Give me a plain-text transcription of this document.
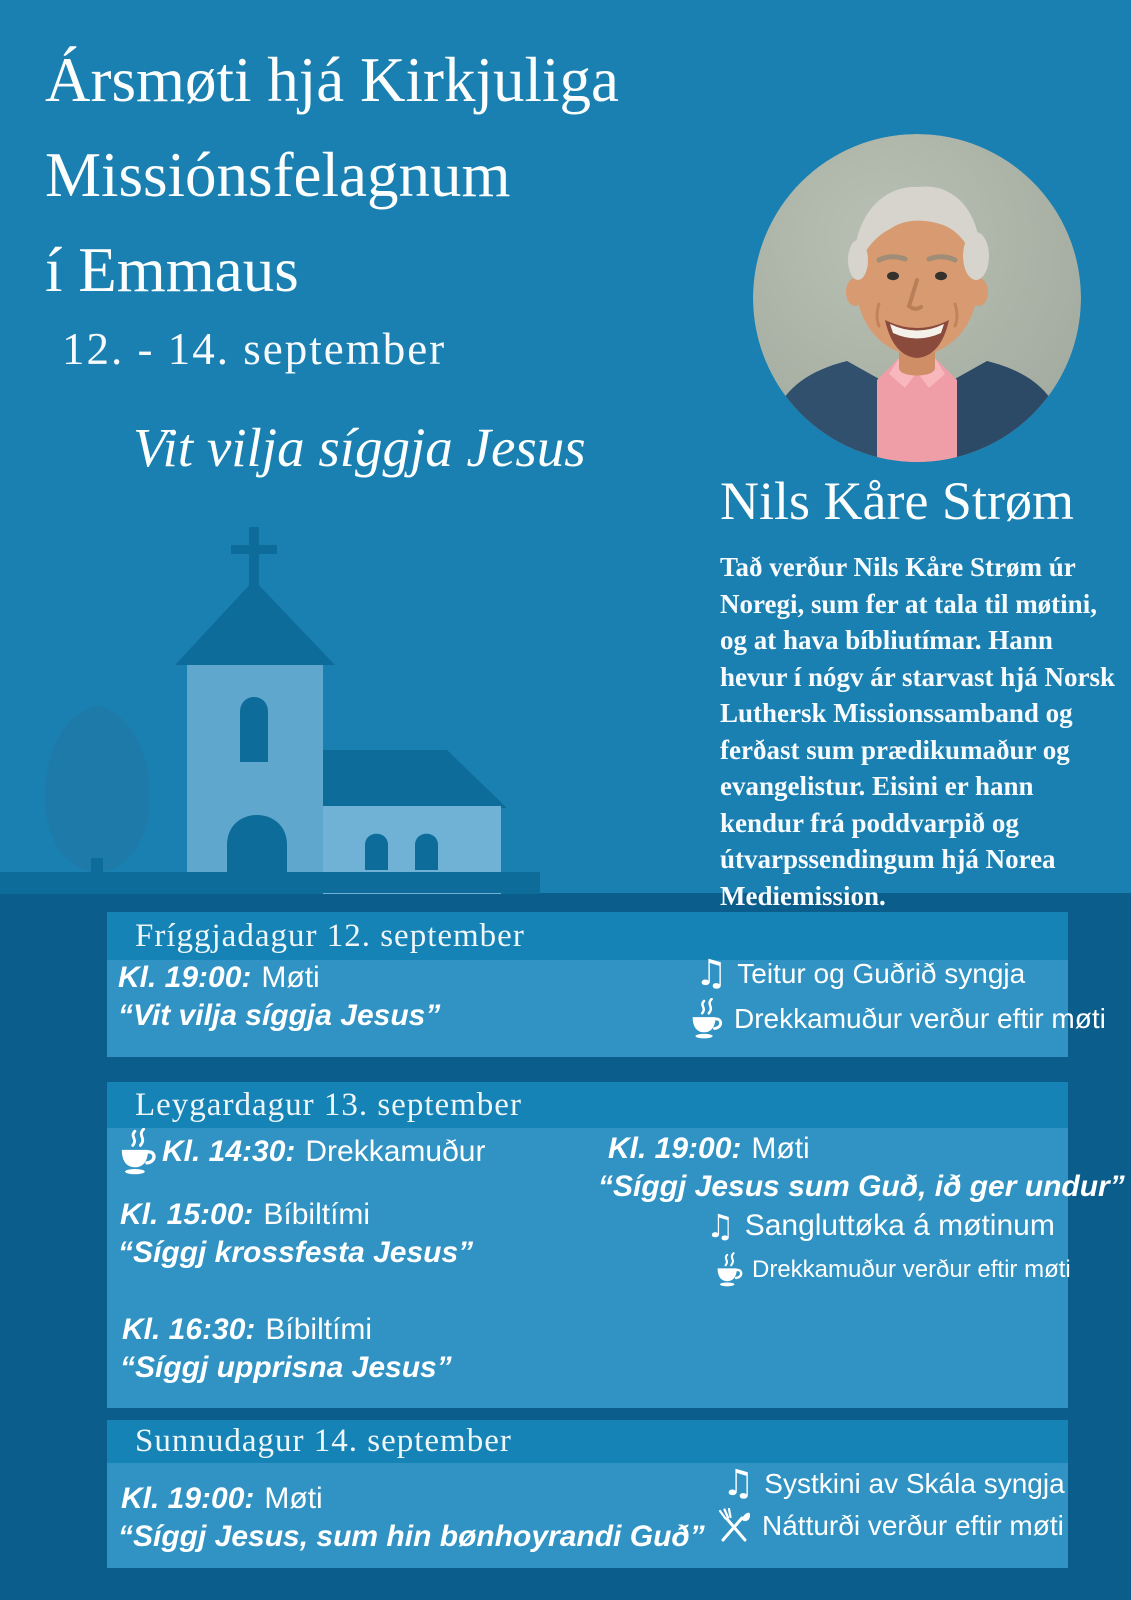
Ársmøti hjá Kirkjuliga
Missiónsfelagnum
í Emmaus
12. - 14. september
Vit vilja síggja Jesus
Nils Kåre Strøm
Tað verður Nils Kåre Strøm úr Noregi, sum fer at tala til møtini, og at hava bíbliutímar. Hann hevur í nógv ár starvast hjá Norsk Luthersk Missionssamband og ferðast sum prædikumaður og evangelistur. Eisini er hann kendur frá poddvarpið og útvarpssendingum hjá Norea Mediemission.
Fríggjadagur 12. september
Kl. 19:00: Møti
“Vit vilja síggja Jesus”
♫ Teitur og Guðrið syngja
Drekkamuður verður eftir møti
Leygardagur 13. september
Kl. 14:30: Drekkamuður
Kl. 15:00: Bíbiltími
“Síggj krossfesta Jesus”
Kl. 16:30: Bíbiltími
“Síggj upprisna Jesus”
Kl. 19:00: Møti
“Síggj Jesus sum Guð, ið ger undur”
♫ Sangluttøka á møtinum
Drekkamuður verður eftir møti
Sunnudagur 14. september
Kl. 19:00: Møti
“Síggj Jesus, sum hin bønhoyrandi Guð”
♫ Systkini av Skála syngja
Nátturði verður eftir møti
